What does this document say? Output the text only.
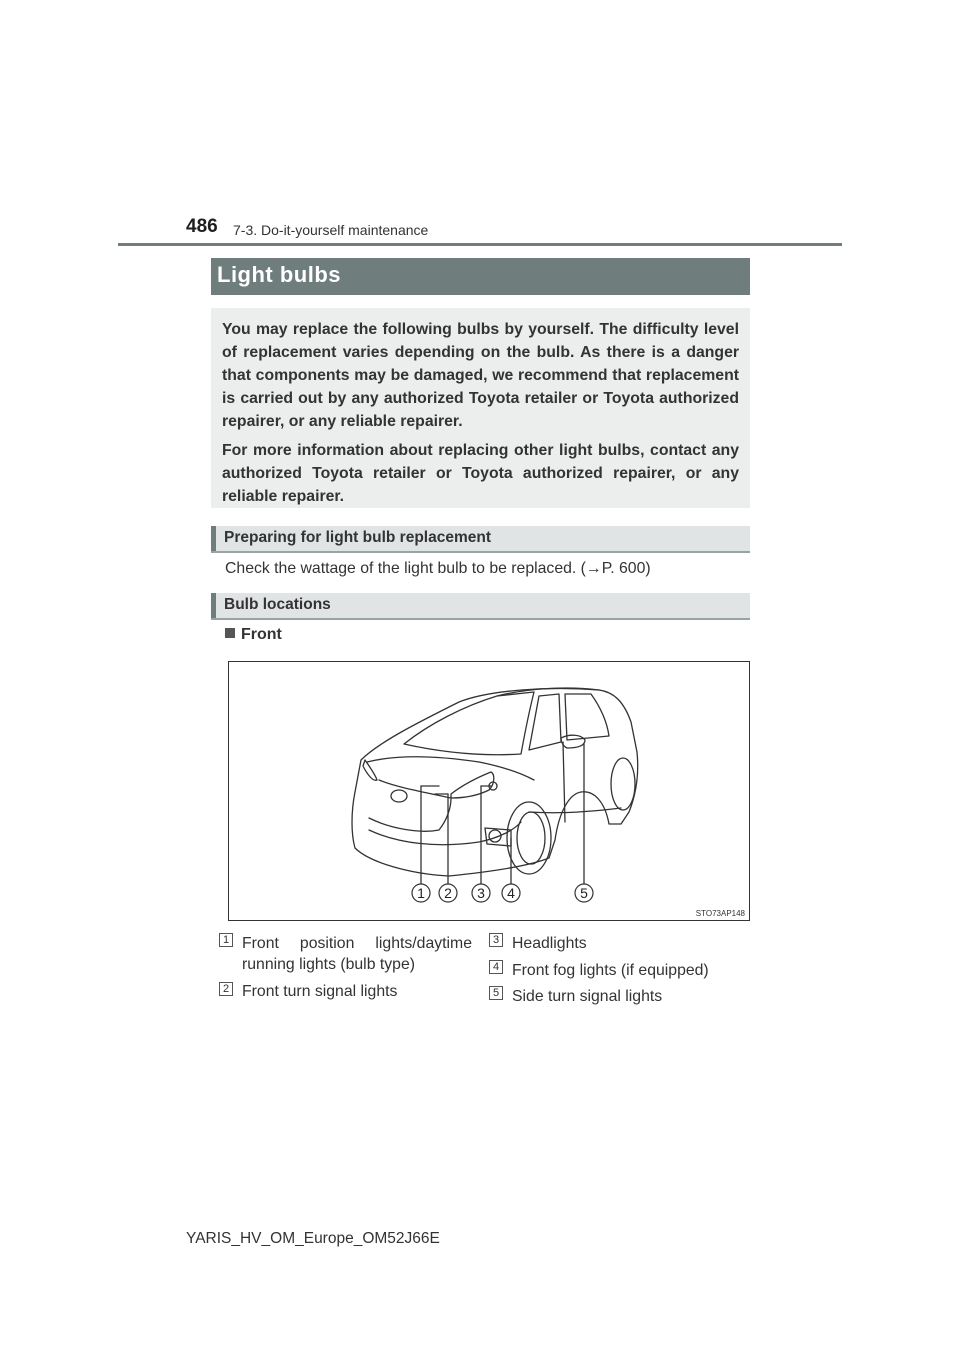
486 7-3. Do-it-yourself maintenance
Light bulbs

You may replace the following bulbs by yourself. The difficulty level of replacement varies depending on the bulb. As there is a danger that components may be damaged, we recommend that replacement is carried out by any authorized Toyota retailer or Toyota authorized repairer, or any reliable repairer.

For more information about replacing other light bulbs, contact any authorized Toyota retailer or Toyota authorized repairer, or any reliable repairer.

Preparing for light bulb replacement
Check the wattage of the light bulb to be replaced. (→P. 600)
Bulb locations
Front
1 2 3 4	5
STO73AP148
1 Front position lights/daytime running lights (bulb type)
2 Front turn signal lights
3 Headlights
4 Front fog lights (if equipped)
5 Side turn signal lights
YARIS_HV_OM_Europe_OM52J66E
